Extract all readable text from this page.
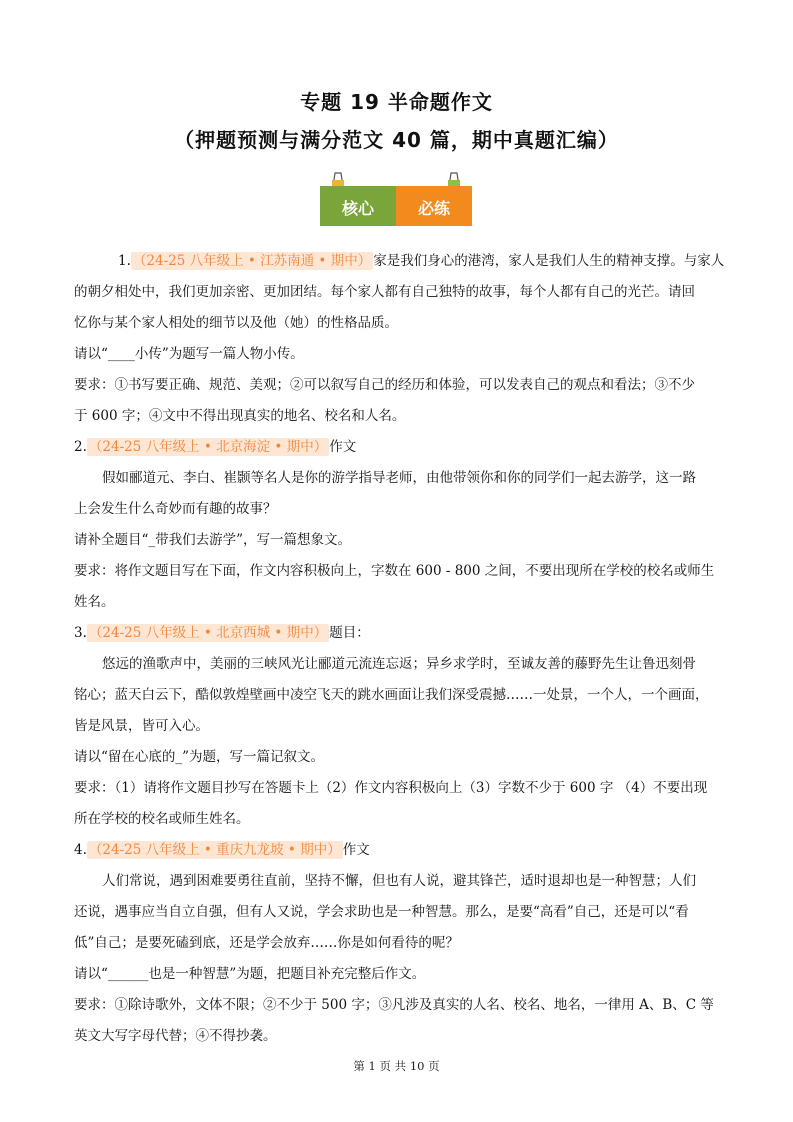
专题 19 半命题作文
（押题预测与满分范文 40 篇，期中真题汇编）
核心	必练

1. （24-25 八年级上 • 江苏南通 • 期中） 家是我们身心的港湾，家人是我们人生的精神支撑。与家人

的朝夕相处中，我们更加亲密、更加团结。每个家人都有自己独特的故事，每个人都有自己的光芒。请回

忆你与某个家人相处的细节以及他（她）的性格品质。

请以“____小传”为题写一篇人物小传。

要求：①书写要正确、规范、美观；②可以叙写自己的经历和体验，可以发表自己的观点和看法；③不少

于 600 字；④文中不得出现真实的地名、校名和人名。

2. （24-25 八年级上 • 北京海淀 • 期中） 作文

假如郦道元、李白、崔颢等名人是你的游学指导老师，由他带领你和你的同学们一起去游学，这一路

上会发生什么奇妙而有趣的故事？

请补全题目“_带我们去游学”，写一篇想象文。

要求：将作文题目写在下面，作文内容积极向上，字数在 600 - 800 之间，不要出现所在学校的校名或师生

姓名。

3. （24-25 八年级上 • 北京西城 • 期中） 题目：

悠远的渔歌声中，美丽的三峡风光让郦道元流连忘返；异乡求学时，至诚友善的藤野先生让鲁迅刻骨

铭心；蓝天白云下，酷似敦煌壁画中凌空飞天的跳水画面让我们深受震撼……一处景，一个人，一个画面，

皆是风景，皆可入心。

请以“留在心底的_”为题，写一篇记叙文。

要求：（1）请将作文题目抄写在答题卡上（2）作文内容积极向上（3）字数不少于 600 字 （4）不要出现

所在学校的校名或师生姓名。

4. （24-25 八年级上 • 重庆九龙坡 • 期中） 作文

人们常说，遇到困难要勇往直前，坚持不懈，但也有人说，避其锋芒，适时退却也是一种智慧；人们

还说，遇事应当自立自强，但有人又说，学会求助也是一种智慧。那么，是要“高看”自己，还是可以“看

低”自己；是要死磕到底，还是学会放弃……你是如何看待的呢？

请以“______也是一种智慧”为题，把题目补充完整后作文。

要求：①除诗歌外，文体不限；②不少于 500 字；③凡涉及真实的人名、校名、地名，一律用 A、B、C 等

英文大写字母代替；④不得抄袭。

第 1 页 共 10 页
